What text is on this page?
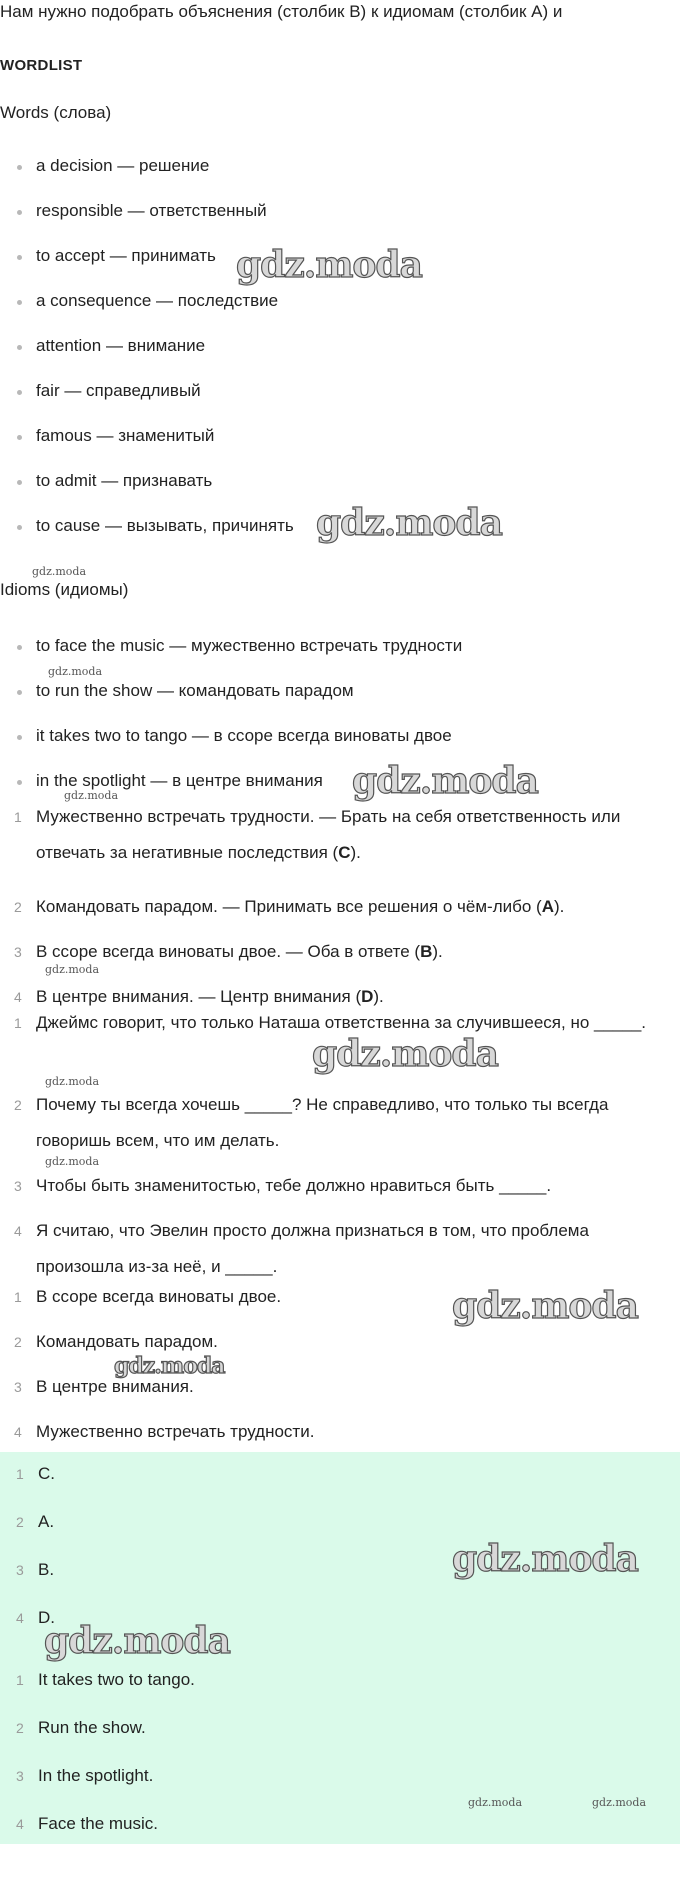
Нам нужно подобрать объяснения (столбик B) к идиомам (столбик A) и
WORDLIST
Words (слова)
a decision — решение
responsible — ответственный
to accept — принимать
a consequence — последствие
attention — внимание
fair — справедливый
famous — знаменитый
to admit — признавать
to cause — вызывать, причинять
Idioms (идиомы)
to face the music — мужественно встречать трудности
to run the show — командовать парадом
it takes two to tango — в ссоре всегда виноваты двое
in the spotlight — в центре внимания
1 Мужественно встречать трудности. — Брать на себя ответственность или отвечать за негативные последствия (C).
2 Командовать парадом. — Принимать все решения о чём-либо (A).
3 В ссоре всегда виноваты двое. — Оба в ответе (B).
4 В центре внимания. — Центр внимания (D).
1 Джеймс говорит, что только Наташа ответственна за случившееся, но _____.
2 Почему ты всегда хочешь _____? Не справедливо, что только ты всегда говоришь всем, что им делать.
3 Чтобы быть знаменитостью, тебе должно нравиться быть _____.
4 Я считаю, что Эвелин просто должна признаться в том, что проблема произошла из-за неё, и _____.
1 В ссоре всегда виноваты двое.
2 Командовать парадом.
3 В центре внимания.
4 Мужественно встречать трудности.
1 C.
2 A.
3 B.
4 D.
1 It takes two to tango.
2 Run the show.
3 In the spotlight.
4 Face the music.
gdz.moda
gdz.moda
gdz.moda
gdz.moda
gdz.moda
gdz.moda
gdz.moda
gdz.moda
gdz.moda
gdz.moda
gdz.moda
gdz.moda
gdz.moda
gdz.moda
gdz.moda	gdz.moda
